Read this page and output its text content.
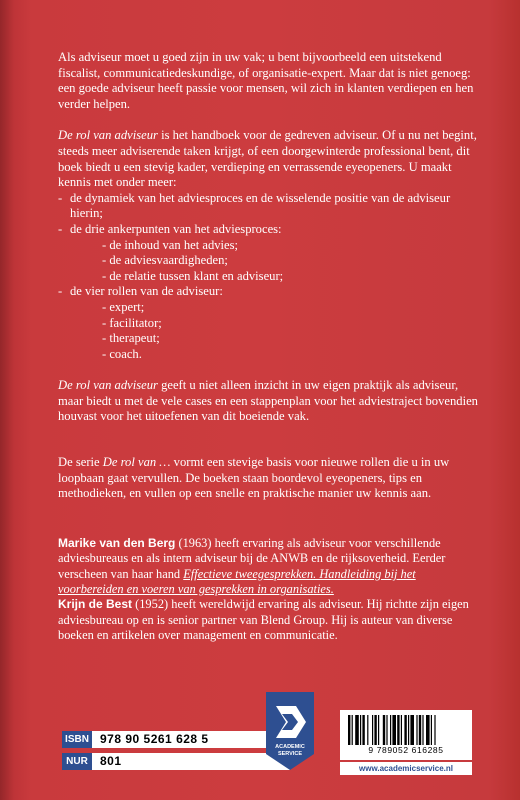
Als adviseur moet u goed zijn in uw vak; u bent bijvoorbeeld een uitstekend fiscalist, communicatiedeskundige, of organisatie-expert. Maar dat is niet genoeg: een goede adviseur heeft passie voor mensen, wil zich in klanten verdiepen en hen verder helpen.

De rol van adviseur is het handboek voor de gedreven adviseur. Of u nu net begint, steeds meer adviserende taken krijgt, of een doorgewinterde professional bent, dit boek biedt u een stevig kader, verdieping en verrassende eyeopeners. U maakt kennis met onder meer:

- de dynamiek van het adviesproces en de wisselende positie van de adviseur hierin;
- de drie ankerpunten van het adviesproces:
- de inhoud van het advies;
- de adviesvaardigheden;
- de relatie tussen klant en adviseur;
- de vier rollen van de adviseur:
- expert;
- facilitator;
- therapeut;
- coach.

De rol van adviseur geeft u niet alleen inzicht in uw eigen praktijk als adviseur, maar biedt u met de vele cases en een stappenplan voor het adviestraject bovendien houvast voor het uitoefenen van dit boeiende vak.

De serie De rol van … vormt een stevige basis voor nieuwe rollen die u in uw loopbaan gaat vervullen. De boeken staan boordevol eyeopeners, tips en methodieken, en vullen op een snelle en praktische manier uw kennis aan.

Marike van den Berg (1963) heeft ervaring als adviseur voor verschillende adviesbureaus en als intern adviseur bij de ANWB en de rijksoverheid. Eerder verscheen van haar hand Effectieve tweegesprekken. Handleiding bij het voorbereiden en voeren van gesprekken in organisaties.

Krijn de Best (1952) heeft wereldwijd ervaring als adviseur. Hij richtte zijn eigen adviesbureau op en is senior partner van Blend Group. Hij is auteur van diverse boeken en artikelen over management en communicatie.

ISBN 978 90 5261 628 5
NUR	801
ACADEMIC
SERVICE	9 789052 616285
www.academicservice.nl
